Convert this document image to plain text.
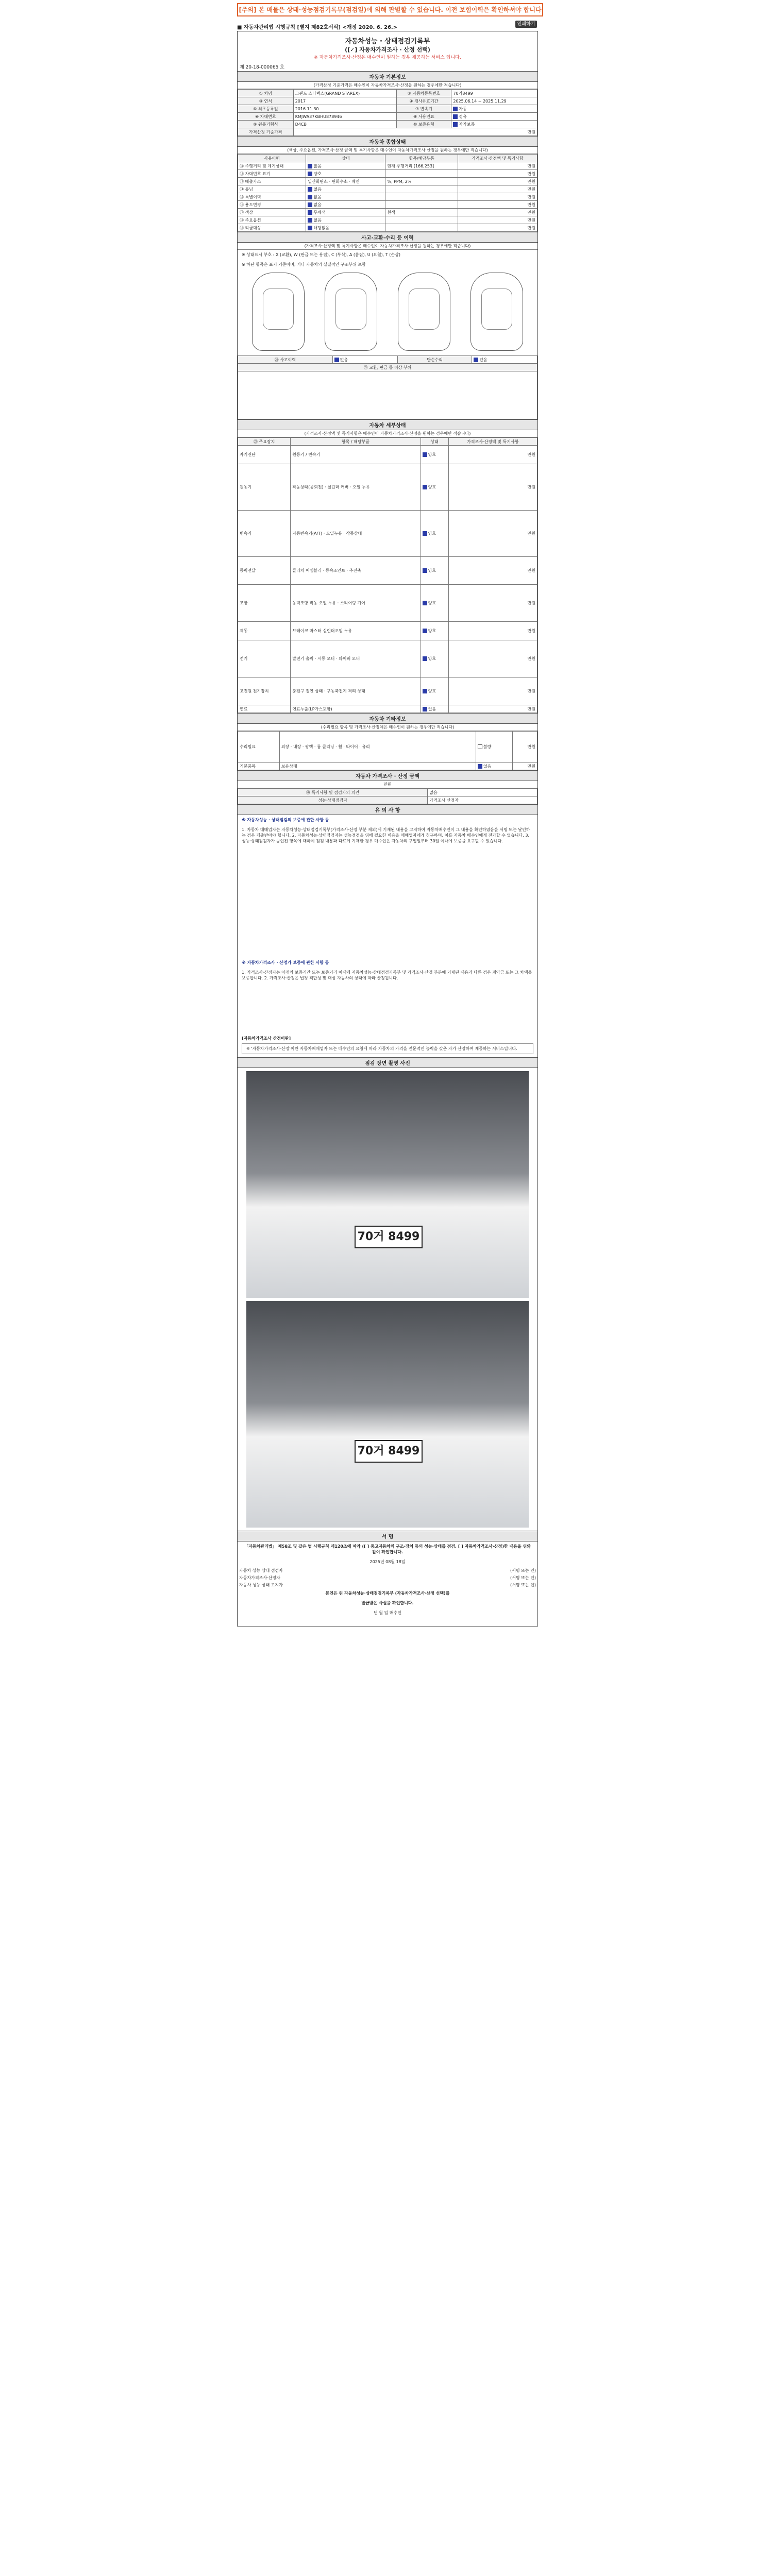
[주의] 본 매물은 상태·성능점검기록부(점검일)에 의해 판별할 수 있습니다. 이전 보험이력은 확인하셔야 합니다
■ 자동차관리법 시행규칙 [별지 제82호서식] <개정 2020. 6. 26.>
인쇄하기
자동차성능 · 상태점검기록부
([✓] 자동차가격조사 · 산정 선택)
※ 자동차가격조사·산정은 매수인이 원하는 경우 제공하는 서비스 입니다.
제 20-18-000065 호
자동차 기본정보
(가격산정 기준가격은 매수인이 자동차가격조사·산정을 원하는 경우에만 적습니다)
① 차명	그랜드 스타렉스(GRAND STAREX)	② 자동차등록번호	70거8499
③ 연식	2017	④ 검사유효기간	2025.06.14 ~ 2025.11.29
⑤ 최초등록일	2016.11.30	⑦ 변속기	자동
⑥ 차대번호	KMJWA37KBHU878946	⑧ 사용연료	경유
⑨ 원동기형식	D4CB	⑩ 보증유형	자가보증
가격산정 기준가격	만원		
자동차 종합상태
(색상, 주요옵션, 가격조사·산정 금액 및 특기사항은 매수인이 자동차가격조사·산정을 원하는 경우에만 적습니다)
사용이력	상태	항목/해당부품	가격조사·산정액 및 특기사항
⑪ 주행거리 및 계기상태	많음	현재 주행거리 [166,253]	만원
⑫ 차대번호 표기	양호		만원
⑬ 배출가스	일산화탄소 · 탄화수소 · 매연	%, PPM, 2%	만원
⑭ 튜닝	없음		만원
⑮ 특별이력	없음		만원
⑯ 용도변경	없음		만원
⑰ 색상	무채색	흰색	만원
⑱ 주요옵션	없음		만원
⑲ 리콜대상	해당없음		만원
사고·교환·수리 등 이력
(가격조사·산정액 및 특기사항은 매수인이 자동차가격조사·산정을 원하는 경우에만 적습니다)
※ 상태표시 부호 : X (교환), W (판금 또는 용접), C (부식), A (흠집), U (요철), T (손상)
※ 하단 항목은 표기 기준이며, 기타 자동차의 실질적인 구조부위 포함

⑳ 사고이력	없음	단순수리	있음
㉑ 교환, 판금 등 이상 부위

자동차 세부상태
(가격조사·산정액 및 특기사항은 매수인이 자동차가격조사·산정을 원하는 경우에만 적습니다)
㉒ 주요장치	항목 / 해당부품	상태	가격조사·산정액 및 특기사항
자기진단	원동기 / 변속기	양호	만원
원동기	작동상태(공회전) · 실린더 커버 · 오일 누유	양호	만원
변속기	자동변속기(A/T) · 오일누유 · 작동상태	양호	만원
동력전달	클러치 어셈블리 · 등속조인트 · 추진축	양호	만원
조향	동력조향 작동 오일 누유 · 스티어링 기어	양호	만원
제동	브레이크 마스터 실린더오일 누유	양호	만원
전기	발전기 출력 · 시동 모터 · 와이퍼 모터	양호	만원
고전원 전기장치	충전구 절연 상태 · 구동축전지 격리 상태	양호	만원
연료	연료누출(LP가스포함)	없음	만원
자동차 기타정보
(수리필요 항목 및 가격조사·산정액은 매수인이 원하는 경우에만 적습니다)
수리필요	외장 · 내장 · 광택 · 룸 클리닝 · 휠 · 타이어 · 유리	불량	만원
기본품목	보유상태	없음	만원
자동차 가격조사 · 산정 금액
만원
⑳ 특기사항 및 점검자의 의견	없음
성능·상태점검자	가격조사·산정자
유 의 사 항
※ 자동차성능 · 상태점검의 보증에 관한 사항 등
1. 자동차 매매업자는 자동차성능·상태점검기록부(가격조사·산정 부분 제외)에 기재된 내용을 고지하여 자동차매수인이 그 내용을 확인하였음을 서명 또는 날인하는 경우 제출받아야 합니다. 2. 자동차성능·상태점검자는 성능점검을 위해 필요한 비용을 매매업자에게 청구하며, 이를 자동차 매수인에게 전가할 수 없습니다. 3. 성능·상태점검자가 공인된 항목에 대하여 점검 내용과 다르게 기재한 경우 매수인은 자동차의 구입일부터 30일 이내에 보증을 요구할 수 있습니다.
※ 자동차가격조사 · 산정가 보증에 관한 사항 등
1. 가격조사·산정자는 아래의 보증기간 또는 보증거리 이내에 자동차성능·상태점검기록부 및 가격조사·산정 부분에 기재된 내용과 다른 경우 계약금 또는 그 차액을 보증합니다. 2. 가격조사·산정은 법정 적합성 및 대상 자동차의 상태에 따라 산정됩니다.
[자동차가격조사 산정이란]
※ '자동차가격조사·산정'이란 자동차매매업자 또는 매수인의 요청에 따라 자동차의 가격을 전문적인 능력을 갖춘 자가 산정하여 제공하는 서비스입니다.
점검 장면 촬영 사진
70거 8499
70거 8499
서 명
「자동차관리법」 제58조 및 같은 법 시행규칙 제120조에 따라 ([ ] 중고자동차의 구조·장치 등의 성능·상태를 점검, [ ] 자동차가격조사·산정)한 내용을 위와 같이 확인합니다.
2025년 08월 18일
자동차 성능·상태 점검자	(서명 또는 인)
자동차가격조사·산정자	(서명 또는 인)
자동차 성능·상태 고지자	(서명 또는 인)
본인은 위 자동차성능·상태점검기록부 (자동차가격조사·산정 선택)를
발급받은 사실을 확인합니다.
년 월 일 매수인
